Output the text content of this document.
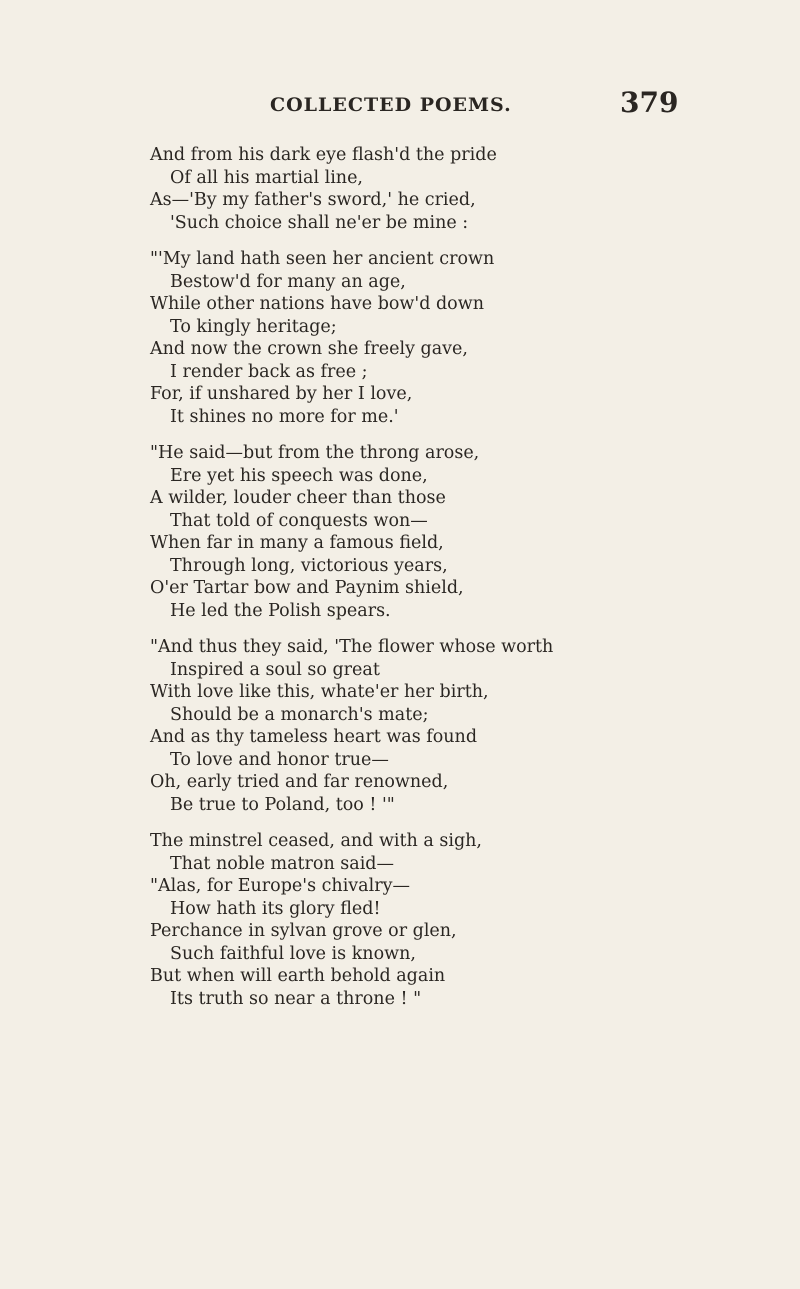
COLLECTED POEMS.	379
And from his dark eye flash'd the pride
Of all his martial line,
As—'By my father's sword,' he cried,
'Such choice shall ne'er be mine :
"'My land hath seen her ancient crown
Bestow'd for many an age,
While other nations have bow'd down
To kingly heritage;
And now the crown she freely gave,
I render back as free ;
For, if unshared by her I love,
It shines no more for me.'
"He said—but from the throng arose,
Ere yet his speech was done,
A wilder, louder cheer than those
That told of conquests won—
When far in many a famous field,
Through long, victorious years,
O'er Tartar bow and Paynim shield,
He led the Polish spears.
"And thus they said, 'The flower whose worth
Inspired a soul so great
With love like this, whate'er her birth,
Should be a monarch's mate;
And as thy tameless heart was found
To love and honor true—
Oh, early tried and far renowned,
Be true to Poland, too ! '"
The minstrel ceased, and with a sigh,
That noble matron said—
"Alas, for Europe's chivalry—
How hath its glory fled!
Perchance in sylvan grove or glen,
Such faithful love is known,
But when will earth behold again
Its truth so near a throne ! "
